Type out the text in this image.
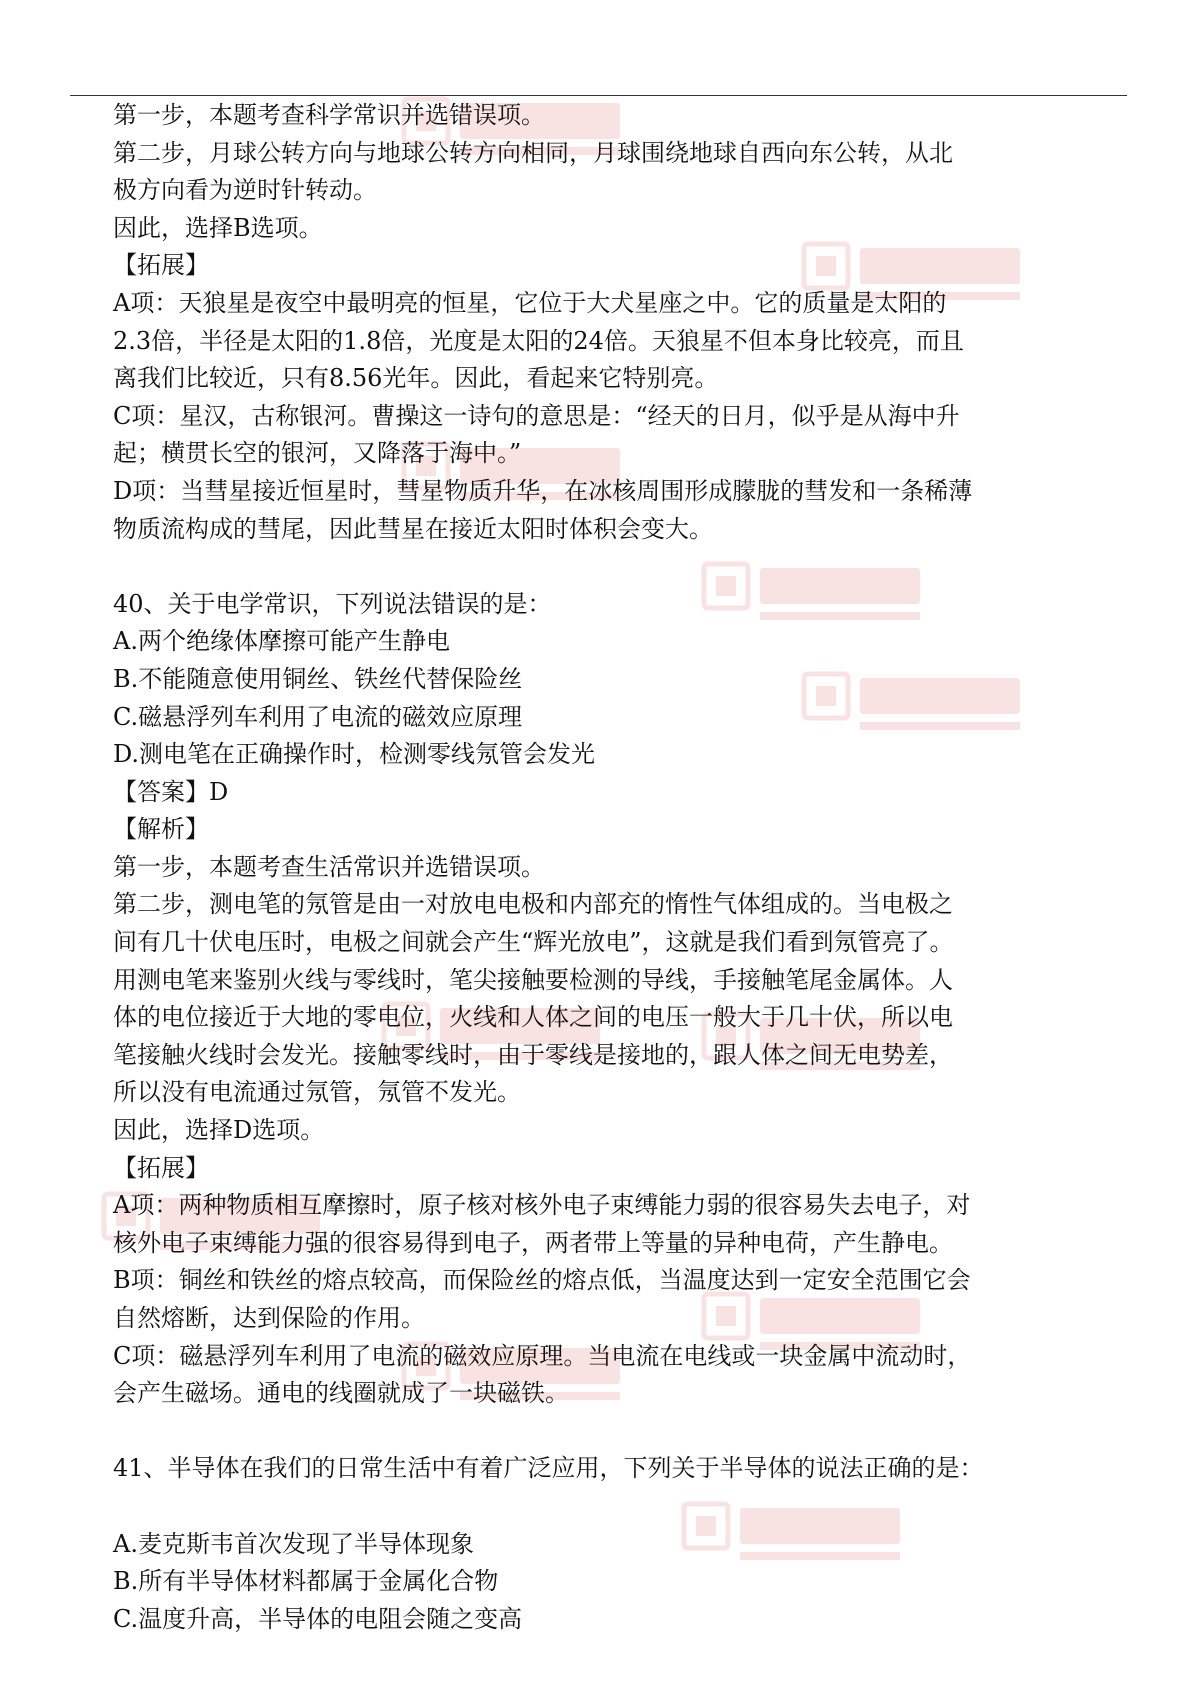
第一步，本题考查科学常识并选错误项。
第二步，月球公转方向与地球公转方向相同，月球围绕地球自西向东公转，从北
极方向看为逆时针转动。
因此，选择B选项。
【拓展】
A项：天狼星是夜空中最明亮的恒星，它位于大犬星座之中。它的质量是太阳的
2.3倍，半径是太阳的1.8倍，光度是太阳的24倍。天狼星不但本身比较亮，而且
离我们比较近，只有8.56光年。因此，看起来它特别亮。
C项：星汉，古称银河。曹操这一诗句的意思是：“经天的日月，似乎是从海中升
起；横贯长空的银河，又降落于海中。”
D项：当彗星接近恒星时，彗星物质升华，在冰核周围形成朦胧的彗发和一条稀薄
物质流构成的彗尾，因此彗星在接近太阳时体积会变大。
40、关于电学常识，下列说法错误的是：
A.两个绝缘体摩擦可能产生静电
B.不能随意使用铜丝、铁丝代替保险丝
C.磁悬浮列车利用了电流的磁效应原理
D.测电笔在正确操作时，检测零线氖管会发光
【答案】D
【解析】
第一步，本题考查生活常识并选错误项。
第二步，测电笔的氖管是由一对放电电极和内部充的惰性气体组成的。当电极之
间有几十伏电压时，电极之间就会产生“辉光放电”，这就是我们看到氖管亮了。
用测电笔来鉴别火线与零线时，笔尖接触要检测的导线，手接触笔尾金属体。人
体的电位接近于大地的零电位，火线和人体之间的电压一般大于几十伏，所以电
笔接触火线时会发光。接触零线时，由于零线是接地的，跟人体之间无电势差，
所以没有电流通过氖管，氖管不发光。
因此，选择D选项。
【拓展】
A项：两种物质相互摩擦时，原子核对核外电子束缚能力弱的很容易失去电子，对
核外电子束缚能力强的很容易得到电子，两者带上等量的异种电荷，产生静电。
B项：铜丝和铁丝的熔点较高，而保险丝的熔点低，当温度达到一定安全范围它会
自然熔断，达到保险的作用。
C项：磁悬浮列车利用了电流的磁效应原理。当电流在电线或一块金属中流动时，
会产生磁场。通电的线圈就成了一块磁铁。
41、半导体在我们的日常生活中有着广泛应用，下列关于半导体的说法正确的是：
A.麦克斯韦首次发现了半导体现象
B.所有半导体材料都属于金属化合物
C.温度升高，半导体的电阻会随之变高
